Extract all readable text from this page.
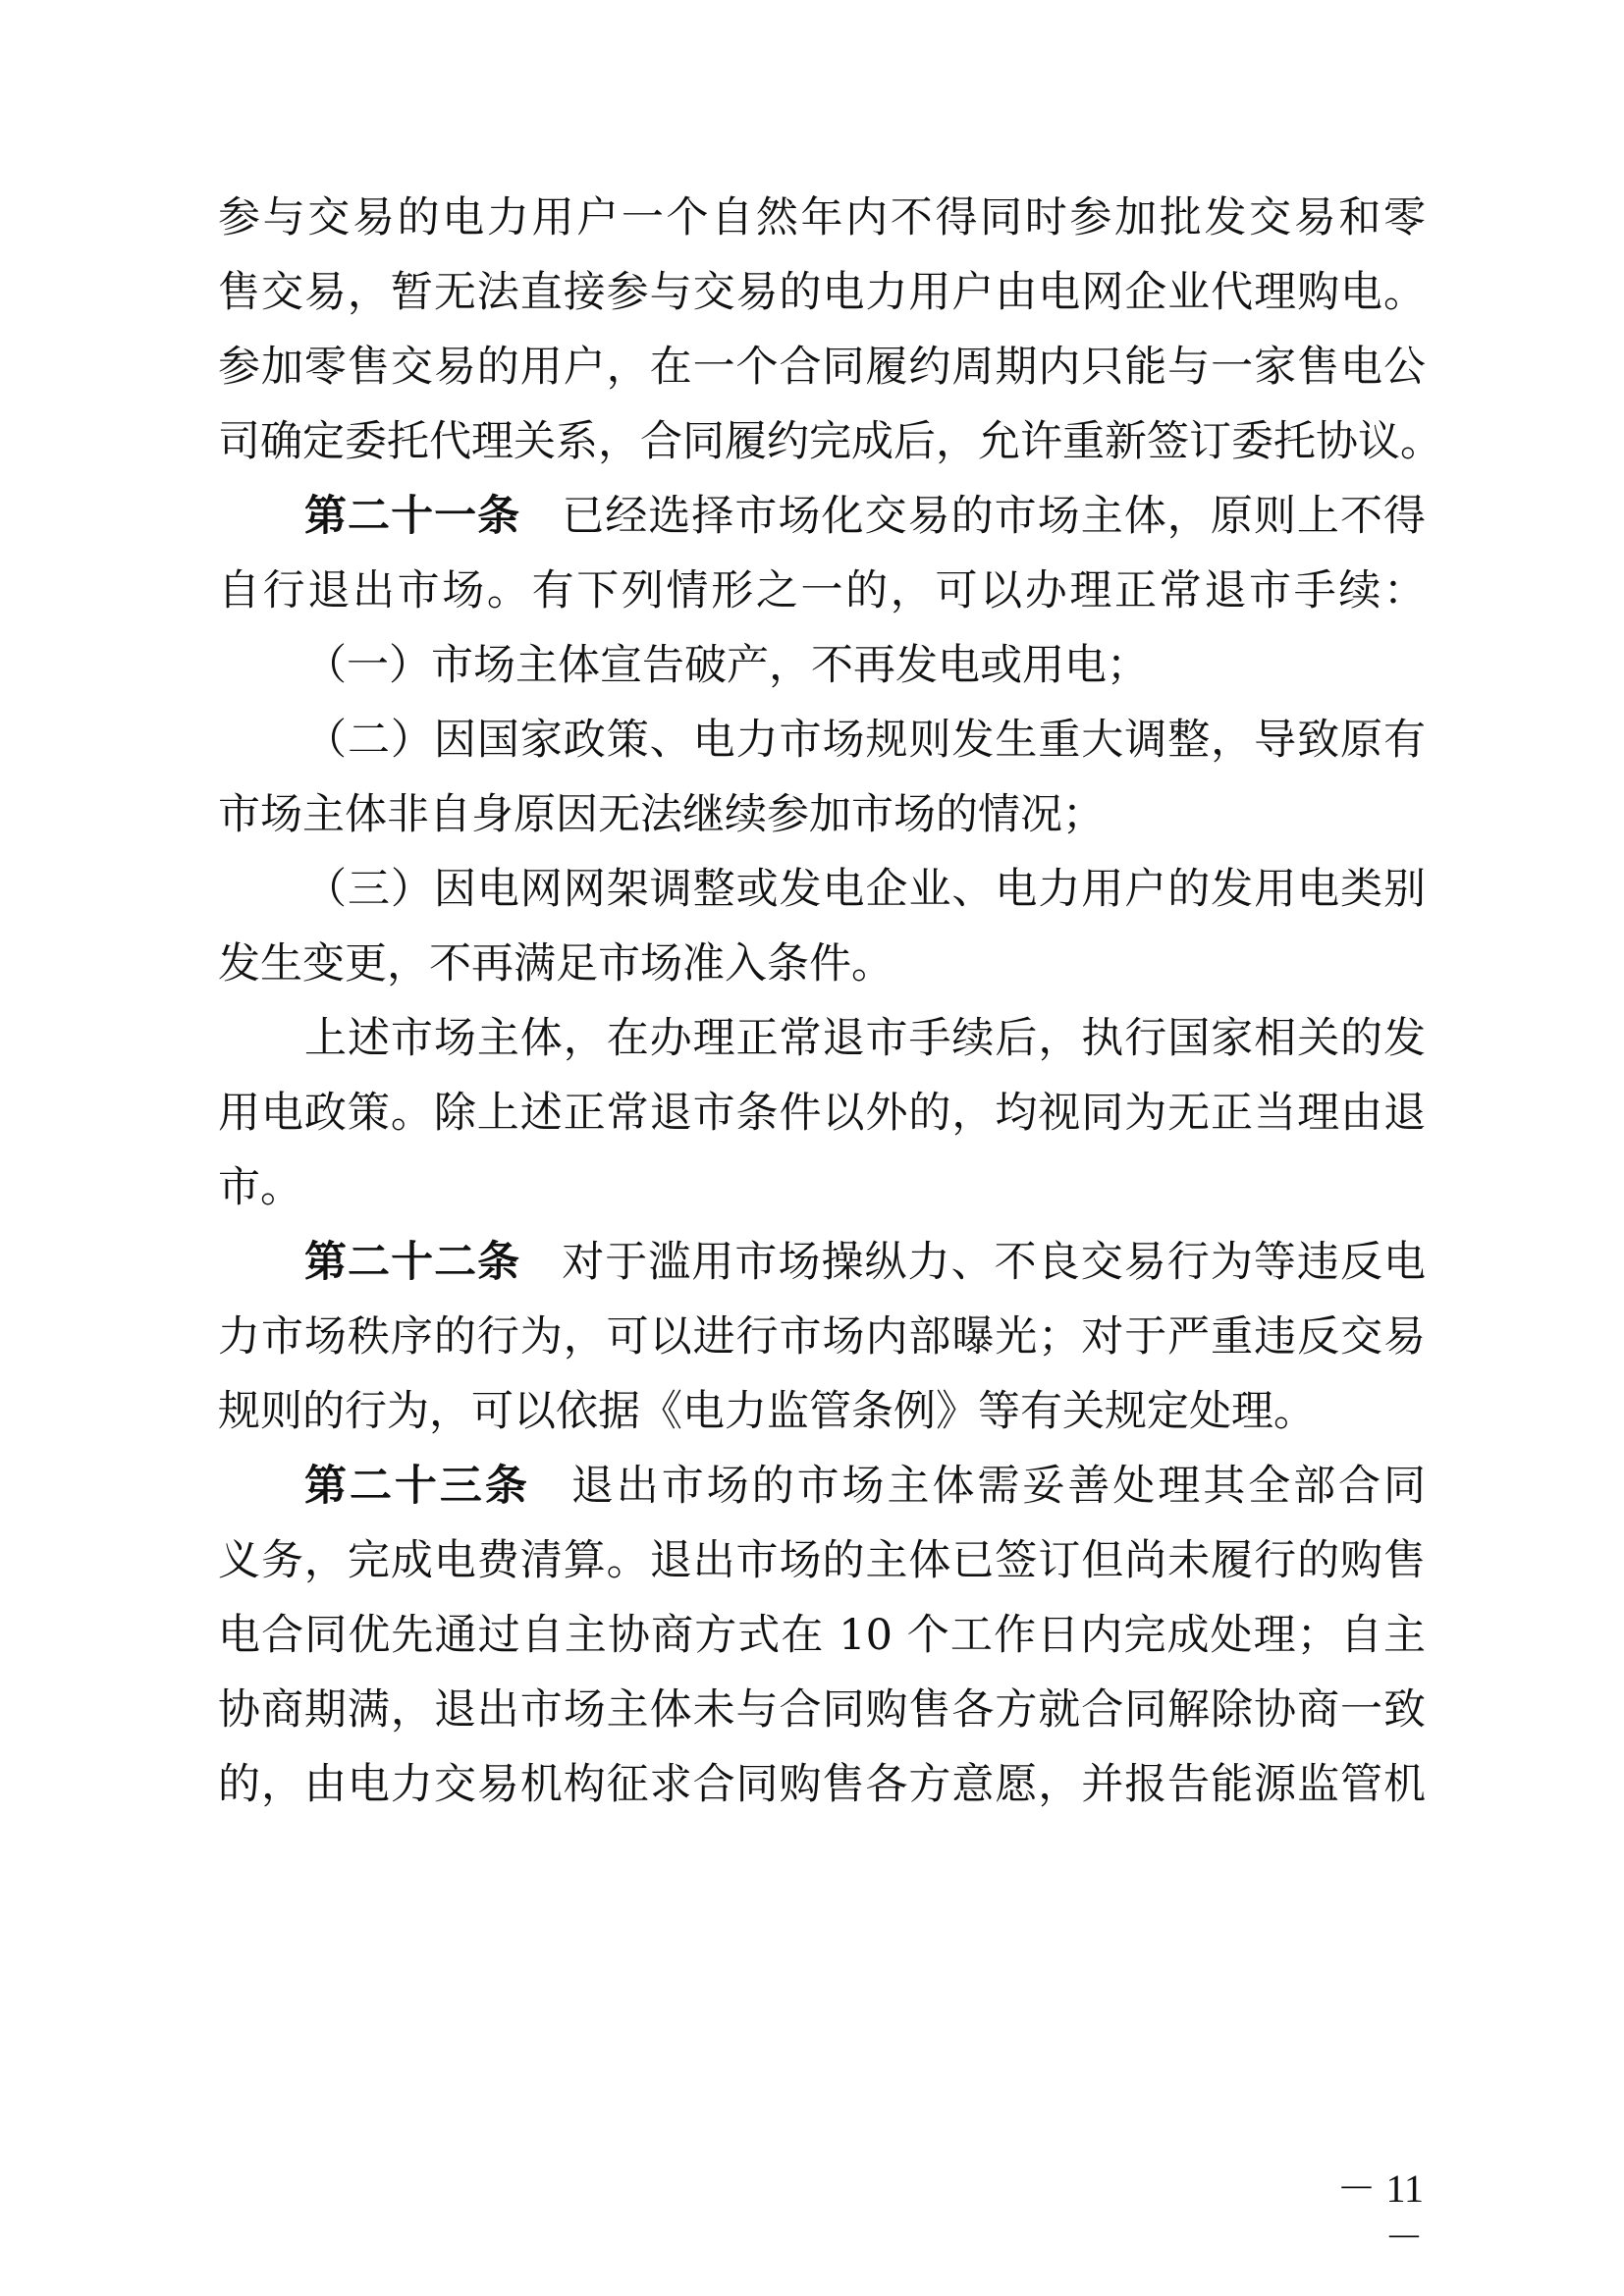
参与交易的电力用户一个自然年内不得同时参加批发交易和零
售交易，暂无法直接参与交易的电力用户由电网企业代理购电。
参加零售交易的用户，在一个合同履约周期内只能与一家售电公
司确定委托代理关系，合同履约完成后，允许重新签订委托协议。
第二十一条 已经选择市场化交易的市场主体，原则上不得
自行退出市场。有下列情形之一的，可以办理正常退市手续：
（一）市场主体宣告破产，不再发电或用电；
（二）因国家政策、电力市场规则发生重大调整，导致原有
市场主体非自身原因无法继续参加市场的情况；
（三）因电网网架调整或发电企业、电力用户的发用电类别
发生变更，不再满足市场准入条件。
上述市场主体，在办理正常退市手续后，执行国家相关的发
用电政策。除上述正常退市条件以外的，均视同为无正当理由退
市。
第二十二条 对于滥用市场操纵力、不良交易行为等违反电
力市场秩序的行为，可以进行市场内部曝光；对于严重违反交易
规则的行为，可以依据《电力监管条例》等有关规定处理。
第二十三条 退出市场的市场主体需妥善处理其全部合同
义务，完成电费清算。退出市场的主体已签订但尚未履行的购售
电合同优先通过自主协商方式在 10 个工作日内完成处理；自主
协商期满，退出市场主体未与合同购售各方就合同解除协商一致
的，由电力交易机构征求合同购售各方意愿，并报告能源监管机
－ 11 －
